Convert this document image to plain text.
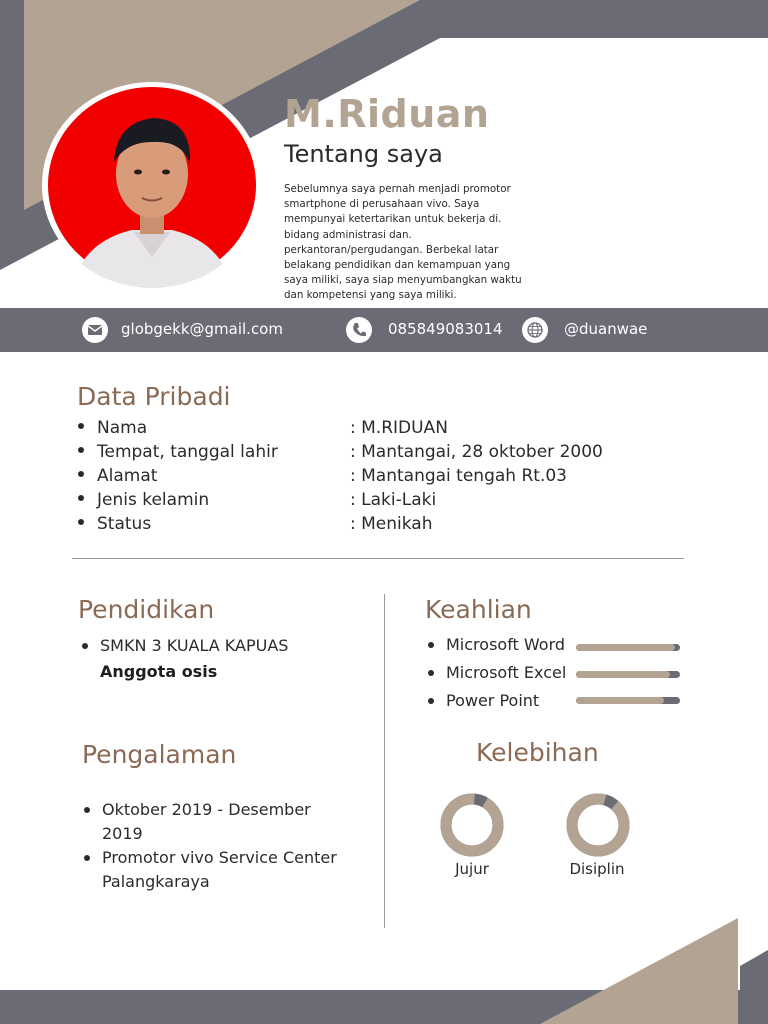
M.Riduan
Tentang saya
Sebelumnya saya pernah menjadi promotor
smartphone di perusahaan vivo. Saya
mempunyai ketertarikan untuk bekerja di.
bidang administrasi dan.
perkantoran/pergudangan. Berbekal latar
belakang pendidikan dan kemampuan yang
saya miliki, saya siap menyumbangkan waktu
dan kompetensi yang saya miliki.
globgekk@gmail.com	085849083014	@duanwae
Data Pribadi
Nama	: M.RIDUAN
Tempat, tanggal lahir	: Mantangai, 28 oktober 2000
Alamat	: Mantangai tengah Rt.03
Jenis kelamin	: Laki-Laki
Status	: Menikah
Pendidikan
SMKN 3 KUALA KAPUAS
Anggota osis
Pengalaman
Oktober 2019 - Desember
2019
Promotor vivo Service Center
Palangkaraya
Keahlian
Microsoft Word
Microsoft Excel
Power Point
Kelebihan
Jujur	Disiplin
